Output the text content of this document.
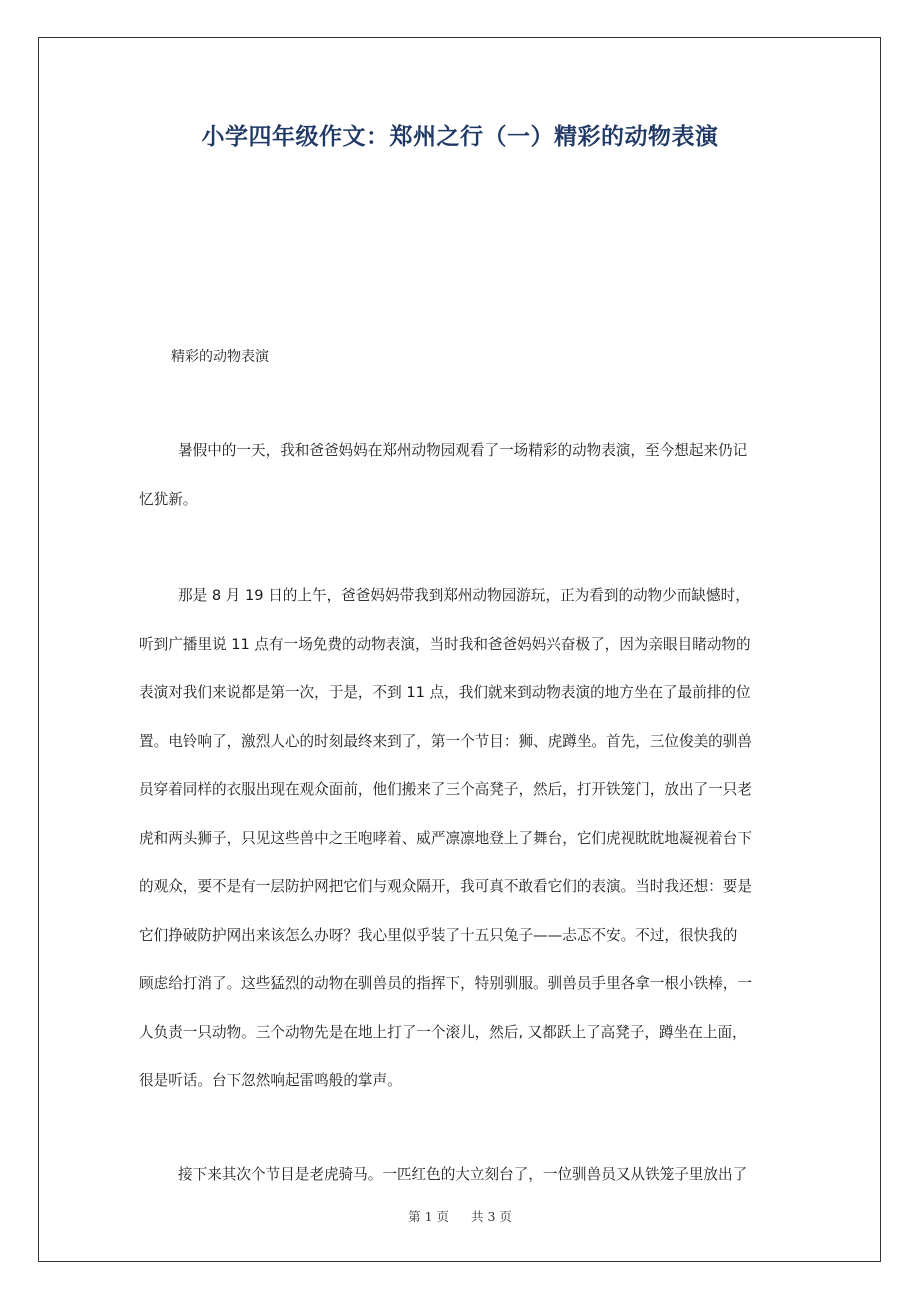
小学四年级作文：郑州之行（一）精彩的动物表演
精彩的动物表演
暑假中的一天，我和爸爸妈妈在郑州动物园观看了一场精彩的动物表演，至今想起来仍记
忆犹新。
那是 8 月 19 日的上午，爸爸妈妈带我到郑州动物园游玩，正为看到的动物少而缺憾时，
听到广播里说 11 点有一场免费的动物表演，当时我和爸爸妈妈兴奋极了，因为亲眼目睹动物的
表演对我们来说都是第一次，于是，不到 11 点，我们就来到动物表演的地方坐在了最前排的位
置。电铃响了，激烈人心的时刻最终来到了，第一个节目：狮、虎蹲坐。首先，三位俊美的驯兽
员穿着同样的衣服出现在观众面前，他们搬来了三个高凳子，然后，打开铁笼门，放出了一只老
虎和两头狮子，只见这些兽中之王咆哮着、威严凛凛地登上了舞台，它们虎视眈眈地凝视着台下
的观众，要不是有一层防护网把它们与观众隔开，我可真不敢看它们的表演。当时我还想：要是
它们挣破防护网出来该怎么办呀？我心里似乎装了十五只兔子——忐忑不安。不过，很快我的
顾虑给打消了。这些猛烈的动物在驯兽员的指挥下，特别驯服。驯兽员手里各拿一根小铁棒，一
人负责一只动物。三个动物先是在地上打了一个滚儿，然后, 又都跃上了高凳子，蹲坐在上面，
很是听话。台下忽然响起雷鸣般的掌声。
接下来其次个节目是老虎骑马。一匹红色的大立刻台了，一位驯兽员又从铁笼子里放出了
第 1 页 共 3 页
